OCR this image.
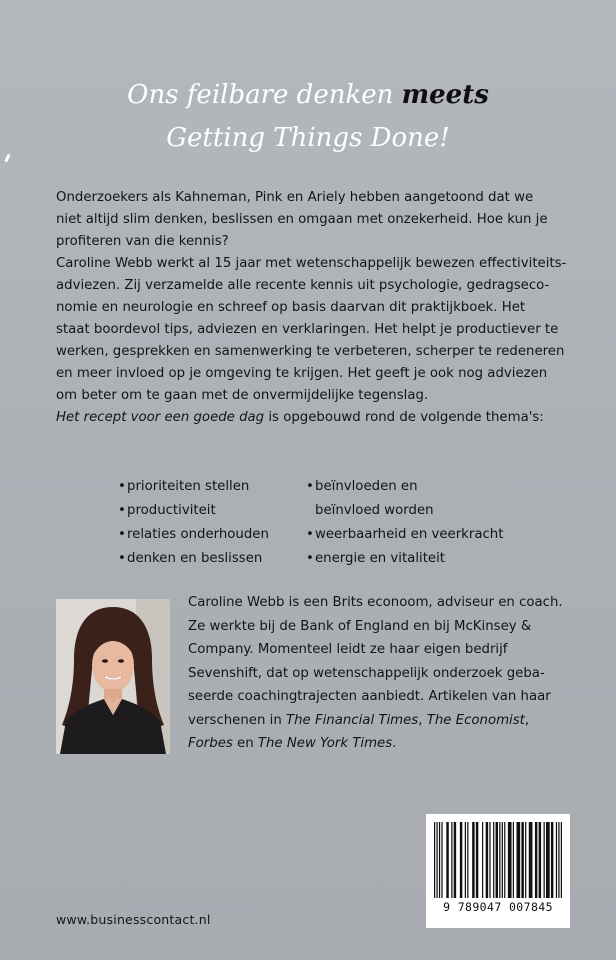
Ons feilbare denken meets
Getting Things Done!

Onderzoekers als Kahneman, Pink en Ariely hebben aangetoond dat we
niet altijd slim denken, beslissen en omgaan met onzekerheid. Hoe kun je
profiteren van die kennis?

Caroline Webb werkt al 15 jaar met wetenschappelijk bewezen effectiviteits-
adviezen. Zij verzamelde alle recente kennis uit psychologie, gedragseco-
nomie en neurologie en schreef op basis daarvan dit praktijkboek. Het
staat boordevol tips, adviezen en verklaringen. Het helpt je productiever te
werken, gesprekken en samenwerking te verbeteren, scherper te redeneren
en meer invloed op je omgeving te krijgen. Het geeft je ook nog adviezen
om beter om te gaan met de onvermijdelijke tegenslag.

Het recept voor een goede dag is opgebouwd rond de volgende thema's:

•prioriteiten stellen
•productiviteit
•relaties onderhouden
•denken en beslissen
•beïnvloeden en
beïnvloed worden
•weerbaarheid en veerkracht
•energie en vitaliteit
Caroline Webb is een Brits econoom, adviseur en coach.
Ze werkte bij de Bank of England en bij McKinsey &
Company. Momenteel leidt ze haar eigen bedrijf
Sevenshift, dat op wetenschappelijk onderzoek geba-
seerde coachingtrajecten aanbiedt. Artikelen van haar
verschenen in The Financial Times, The Economist,
Forbes en The New York Times.
9 789047 007845
www.businesscontact.nl
